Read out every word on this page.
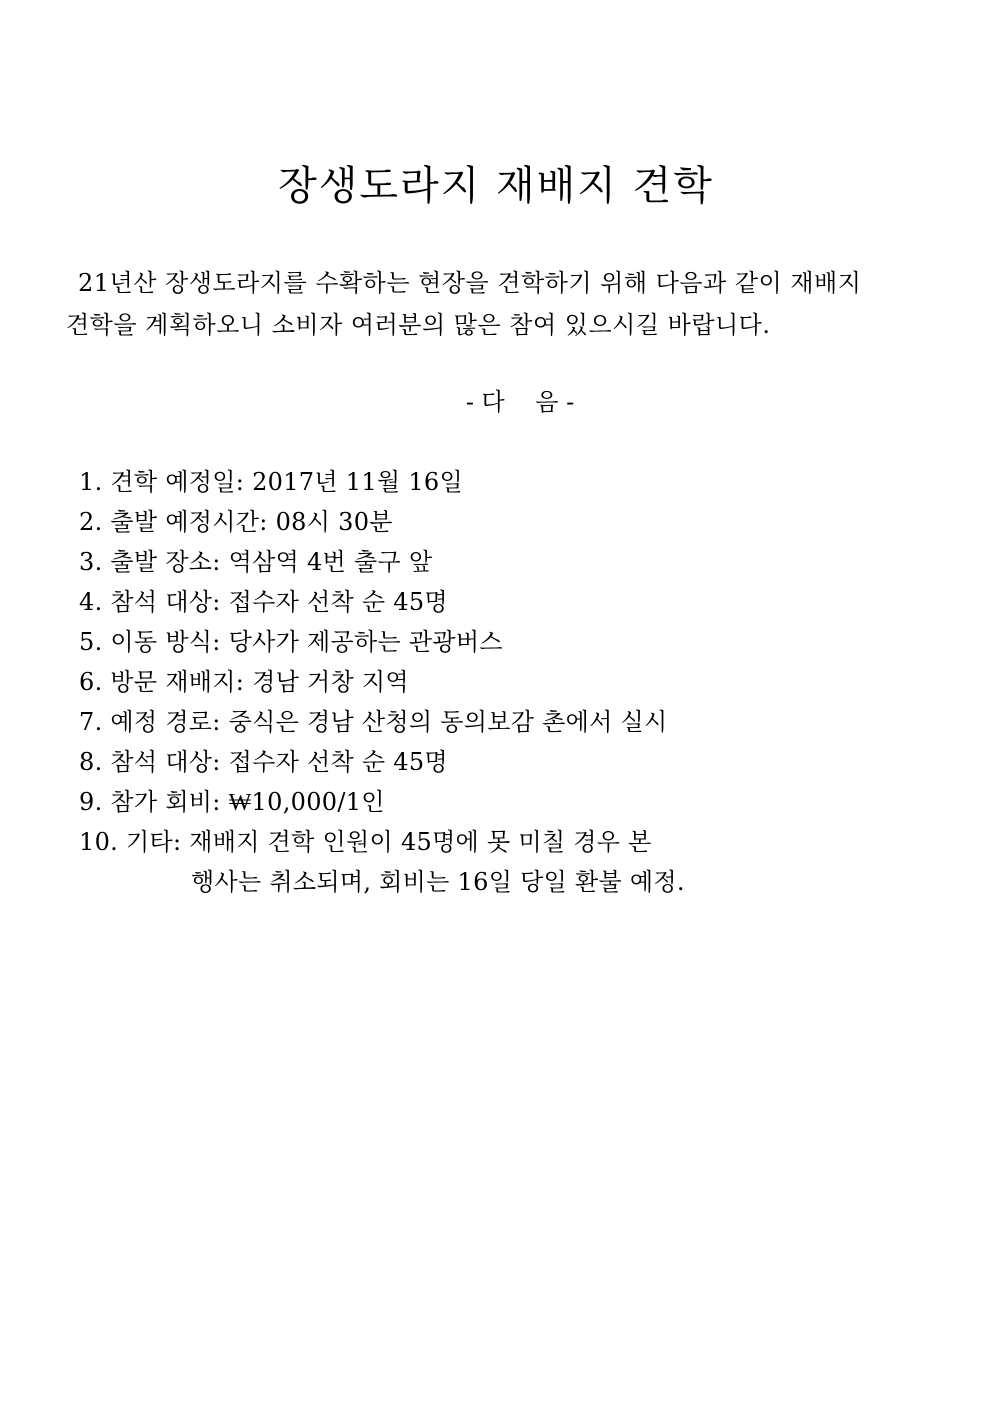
장생도라지 재배지 견학

21년산 장생도라지를 수확하는 현장을 견학하기 위해 다음과 같이 재배지
견학을 계획하오니 소비자 여러분의 많은 참여 있으시길 바랍니다.

- 다    음 -

1. 견학 예정일: 2017년 11월 16일
2. 출발 예정시간: 08시 30분
3. 출발 장소: 역삼역 4번 출구 앞
4. 참석 대상: 접수자 선착 순 45명
5. 이동 방식: 당사가 제공하는 관광버스
6. 방문 재배지: 경남 거창 지역
7. 예정 경로: 중식은 경남 산청의 동의보감 촌에서 실시
8. 참석 대상: 접수자 선착 순 45명
9. 참가 회비: ₩10,000/1인
10. 기타: 재배지 견학 인원이 45명에 못 미칠 경우 본
행사는 취소되며, 회비는 16일 당일 환불 예정.
